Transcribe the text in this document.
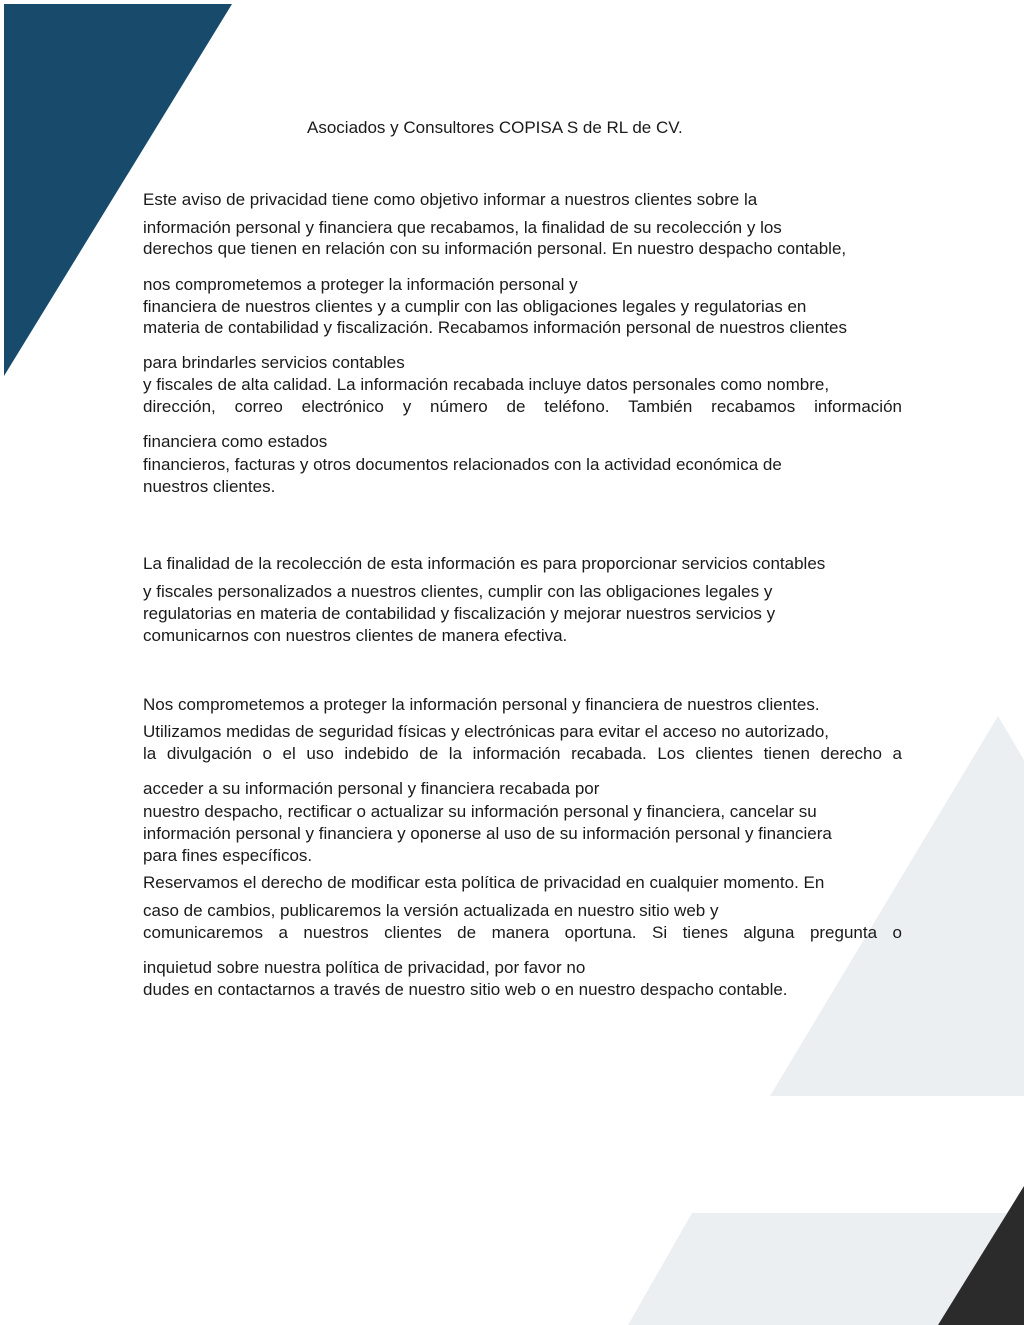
Asociados y Consultores COPISA S de RL de CV.
Este aviso de privacidad tiene como objetivo informar a nuestros clientes sobre la
información personal y financiera que recabamos, la finalidad de su recolección y los
derechos que tienen en relación con su información personal. En nuestro despacho contable,
nos comprometemos a proteger la información personal y
financiera de nuestros clientes y a cumplir con las obligaciones legales y regulatorias en
materia de contabilidad y fiscalización. Recabamos información personal de nuestros clientes
para brindarles servicios contables
y fiscales de alta calidad. La información recabada incluye datos personales como nombre,
dirección, correo electrónico y número de teléfono. También recabamos información
financiera como estados
financieros, facturas y otros documentos relacionados con la actividad económica de
nuestros clientes.
La finalidad de la recolección de esta información es para proporcionar servicios contables
y fiscales personalizados a nuestros clientes, cumplir con las obligaciones legales y
regulatorias en materia de contabilidad y fiscalización y mejorar nuestros servicios y
comunicarnos con nuestros clientes de manera efectiva.
Nos comprometemos a proteger la información personal y financiera de nuestros clientes.
Utilizamos medidas de seguridad físicas y electrónicas para evitar el acceso no autorizado,
la divulgación o el uso indebido de la información recabada. Los clientes tienen derecho a
acceder a su información personal y financiera recabada por
nuestro despacho, rectificar o actualizar su información personal y financiera, cancelar su
información personal y financiera y oponerse al uso de su información personal y financiera
para fines específicos.
Reservamos el derecho de modificar esta política de privacidad en cualquier momento. En
caso de cambios, publicaremos la versión actualizada en nuestro sitio web y
comunicaremos a nuestros clientes de manera oportuna. Si tienes alguna pregunta o
inquietud sobre nuestra política de privacidad, por favor no
dudes en contactarnos a través de nuestro sitio web o en nuestro despacho contable.
